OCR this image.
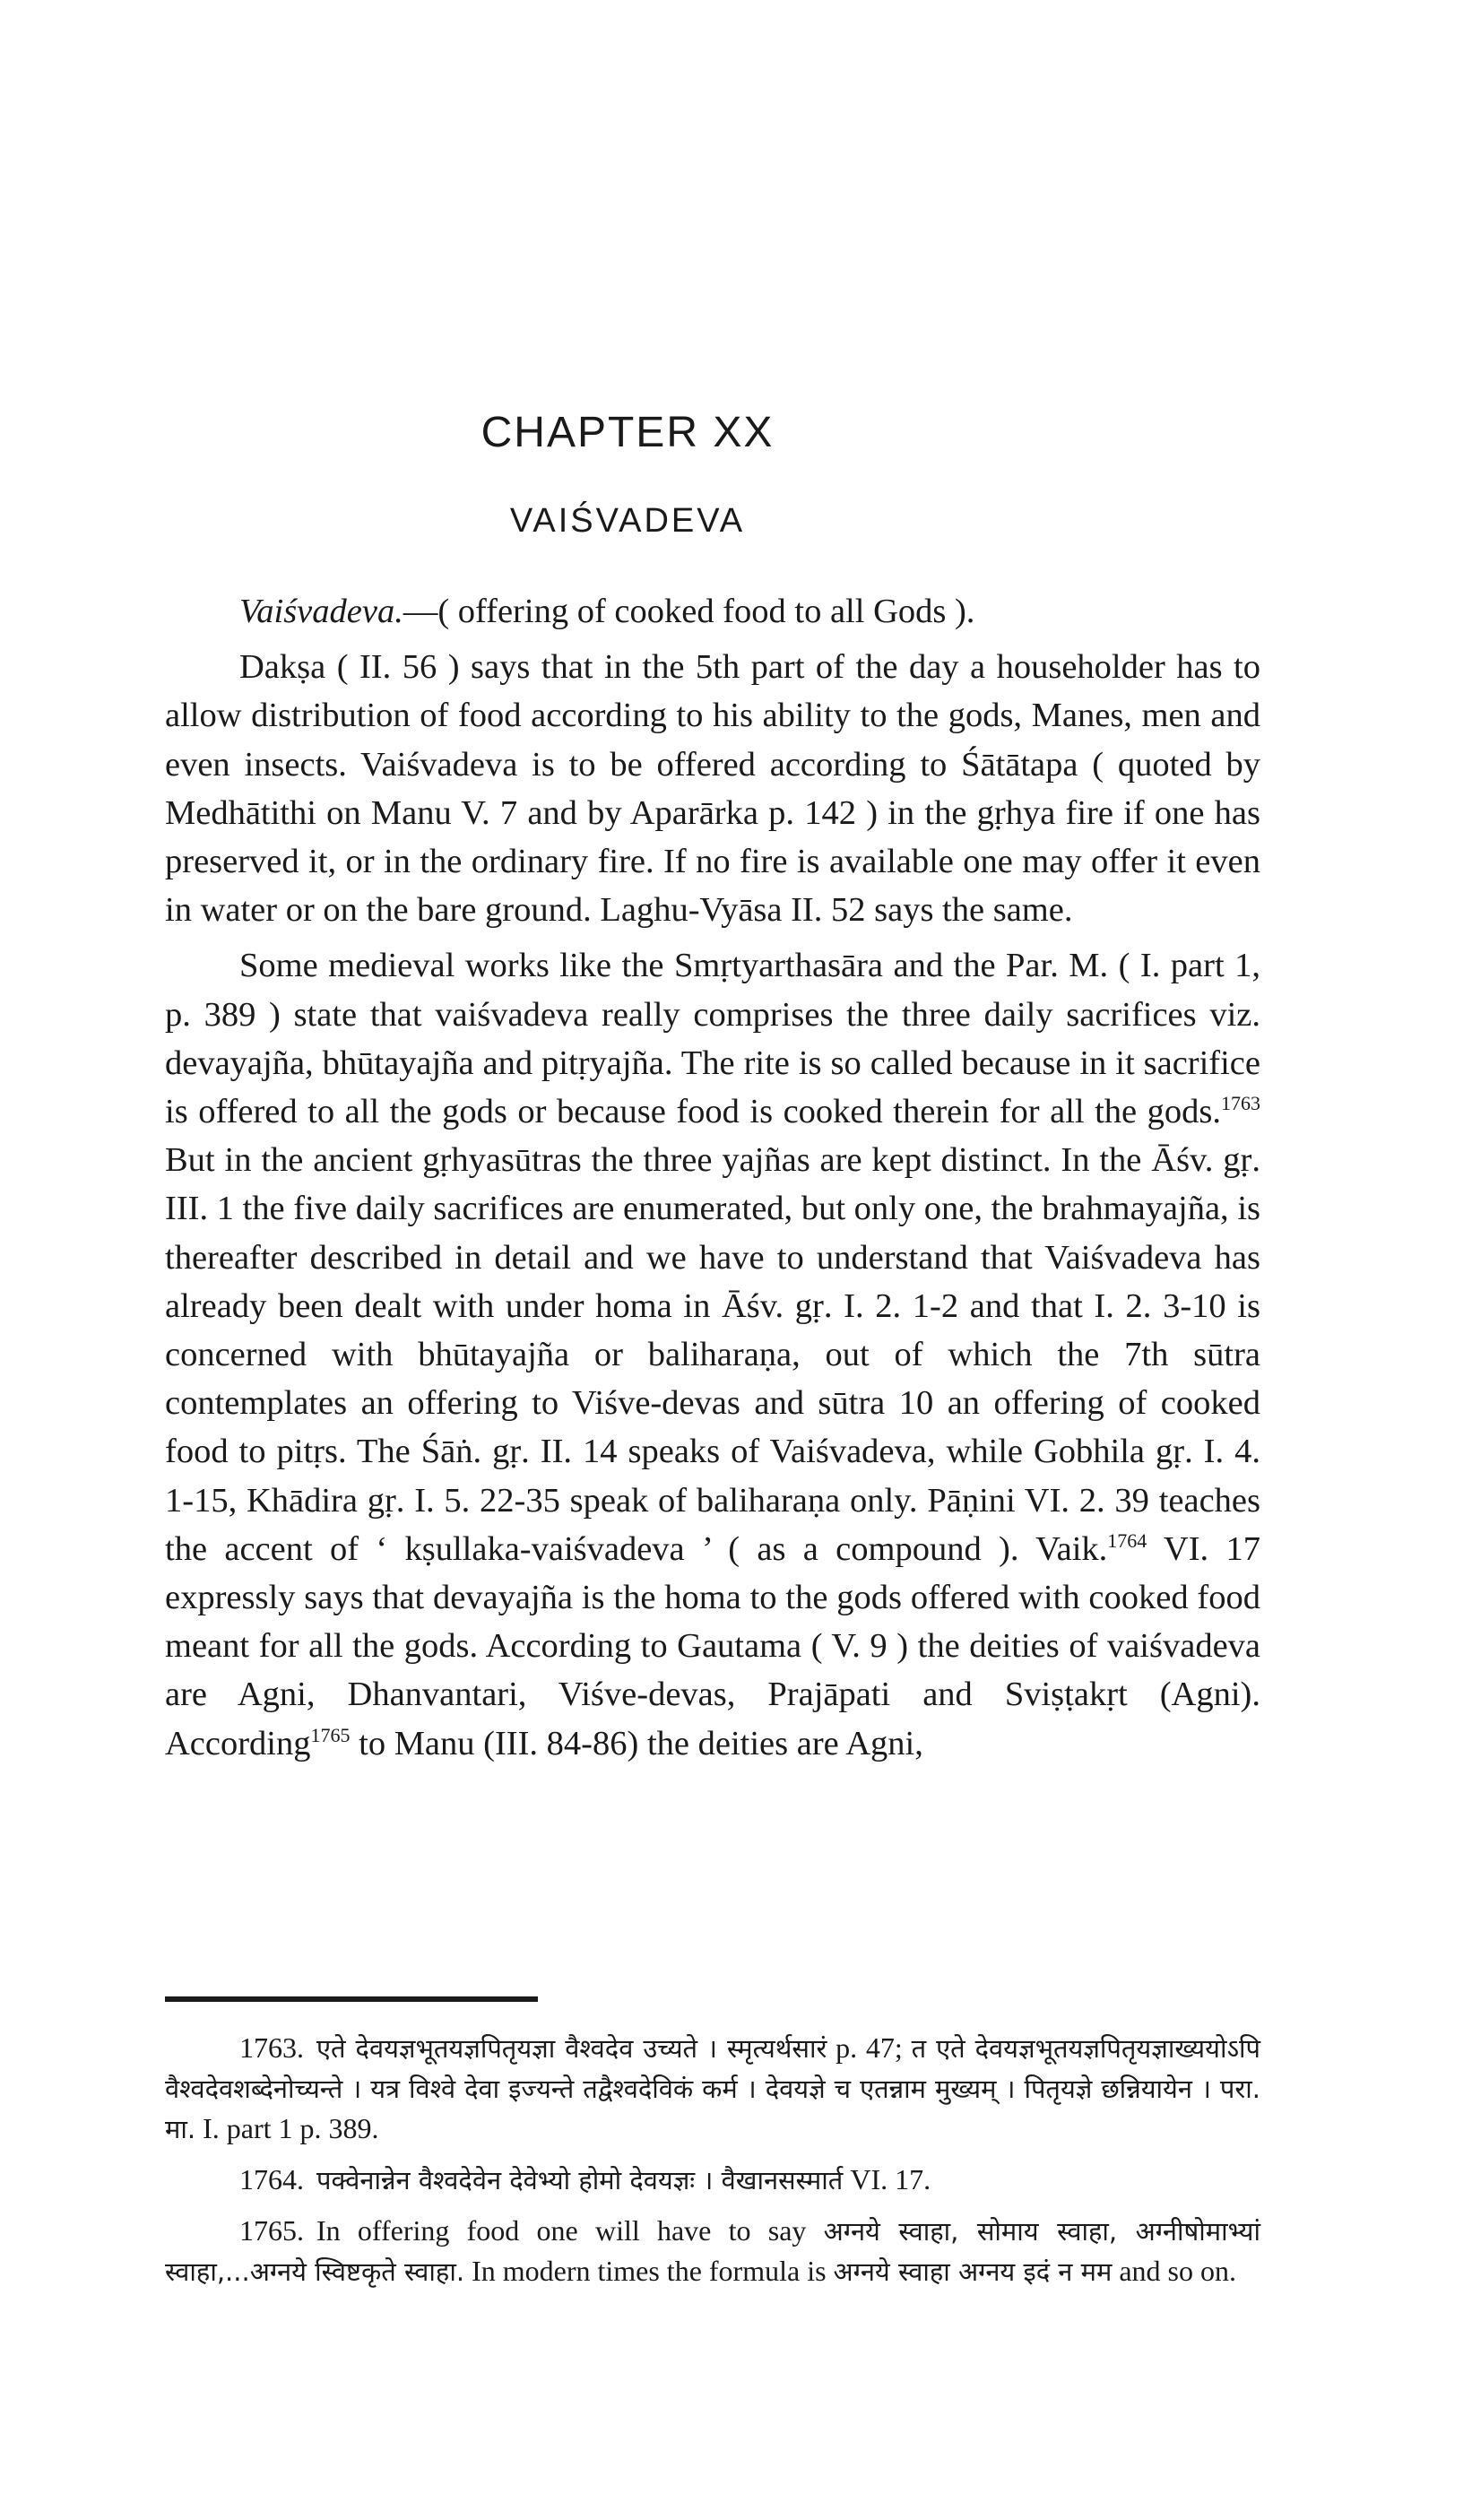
CHAPTER XX
VAIŚVADEVA

Vaiśvadeva.—( offering of cooked food to all Gods ).

Dakṣa ( II. 56 ) says that in the 5th part of the day a householder has to allow distribution of food according to his ability to the gods, Manes, men and even insects. Vaiśvadeva is to be offered according to Śātātapa ( quoted by Medhātithi on Manu V. 7 and by Aparārka p. 142 ) in the gṛhya fire if one has preserved it, or in the ordinary fire. If no fire is available one may offer it even in water or on the bare ground. Laghu-Vyāsa II. 52 says the same.

Some medieval works like the Smṛtyarthasāra and the Par. M. ( I. part 1, p. 389 ) state that vaiśvadeva really comprises the three daily sacrifices viz. devayajña, bhūtayajña and pitṛyajña. The rite is so called because in it sacrifice is offered to all the gods or because food is cooked therein for all the gods.$^{1763}$ But in the ancient gṛhyasūtras the three yajñas are kept distinct. In the Āśv. gṛ. III. 1 the five daily sacrifices are enumerated, but only one, the brahmayajña, is thereafter described in detail and we have to understand that Vaiśvadeva has already been dealt with under homa in Āśv. gṛ. I. 2. 1-2 and that I. 2. 3-10 is concerned with bhūtayajña or baliharaṇa, out of which the 7th sūtra contemplates an offering to Viśve-devas and sūtra 10 an offering of cooked food to pitṛs. The Śāṅ. gṛ. II. 14 speaks of Vaiśvadeva, while Gobhila gṛ. I. 4. 1-15, Khādira gṛ. I. 5. 22-35 speak of baliharaṇa only. Pāṇini VI. 2. 39 teaches the accent of ‘ kṣullaka-vaiśvadeva ’ ( as a compound ). Vaik.$^{1764}$ VI. 17 expressly says that devayajña is the homa to the gods offered with cooked food meant for all the gods. According to Gautama ( V. 9 ) the deities of vaiśvadeva are Agni, Dhanvantari, Viśve-devas, Prajāpati and Sviṣṭakṛt (Agni). According$^{1765}$ to Manu (III. 84-86) the deities are Agni,

1763. एते देवयज्ञभूतयज्ञपितृयज्ञा वैश्वदेव उच्यते । स्मृत्यर्थसारं p. 47; त एते देवयज्ञभूतयज्ञपितृयज्ञाख्ययोऽपि वैश्वदेवशब्देनोच्यन्ते । यत्र विश्वे देवा इज्यन्ते तद्वैश्वदेविकं कर्म । देवयज्ञे च एतन्नाम मुख्यम् । पितृयज्ञे छन्नियायेन । परा. मा. I. part 1 p. 389.

1764. पक्वेनान्नेन वैश्वदेवेन देवेभ्यो होमो देवयज्ञः । वैखानसस्मार्त VI. 17.

1765. In offering food one will have to say अग्नये स्वाहा, सोमाय स्वाहा, अग्नीषोमाभ्यां स्वाहा,...अग्नये स्विष्टकृते स्वाहा. In modern times the formula is अग्नये स्वाहा अग्नय इदं न मम and so on.
